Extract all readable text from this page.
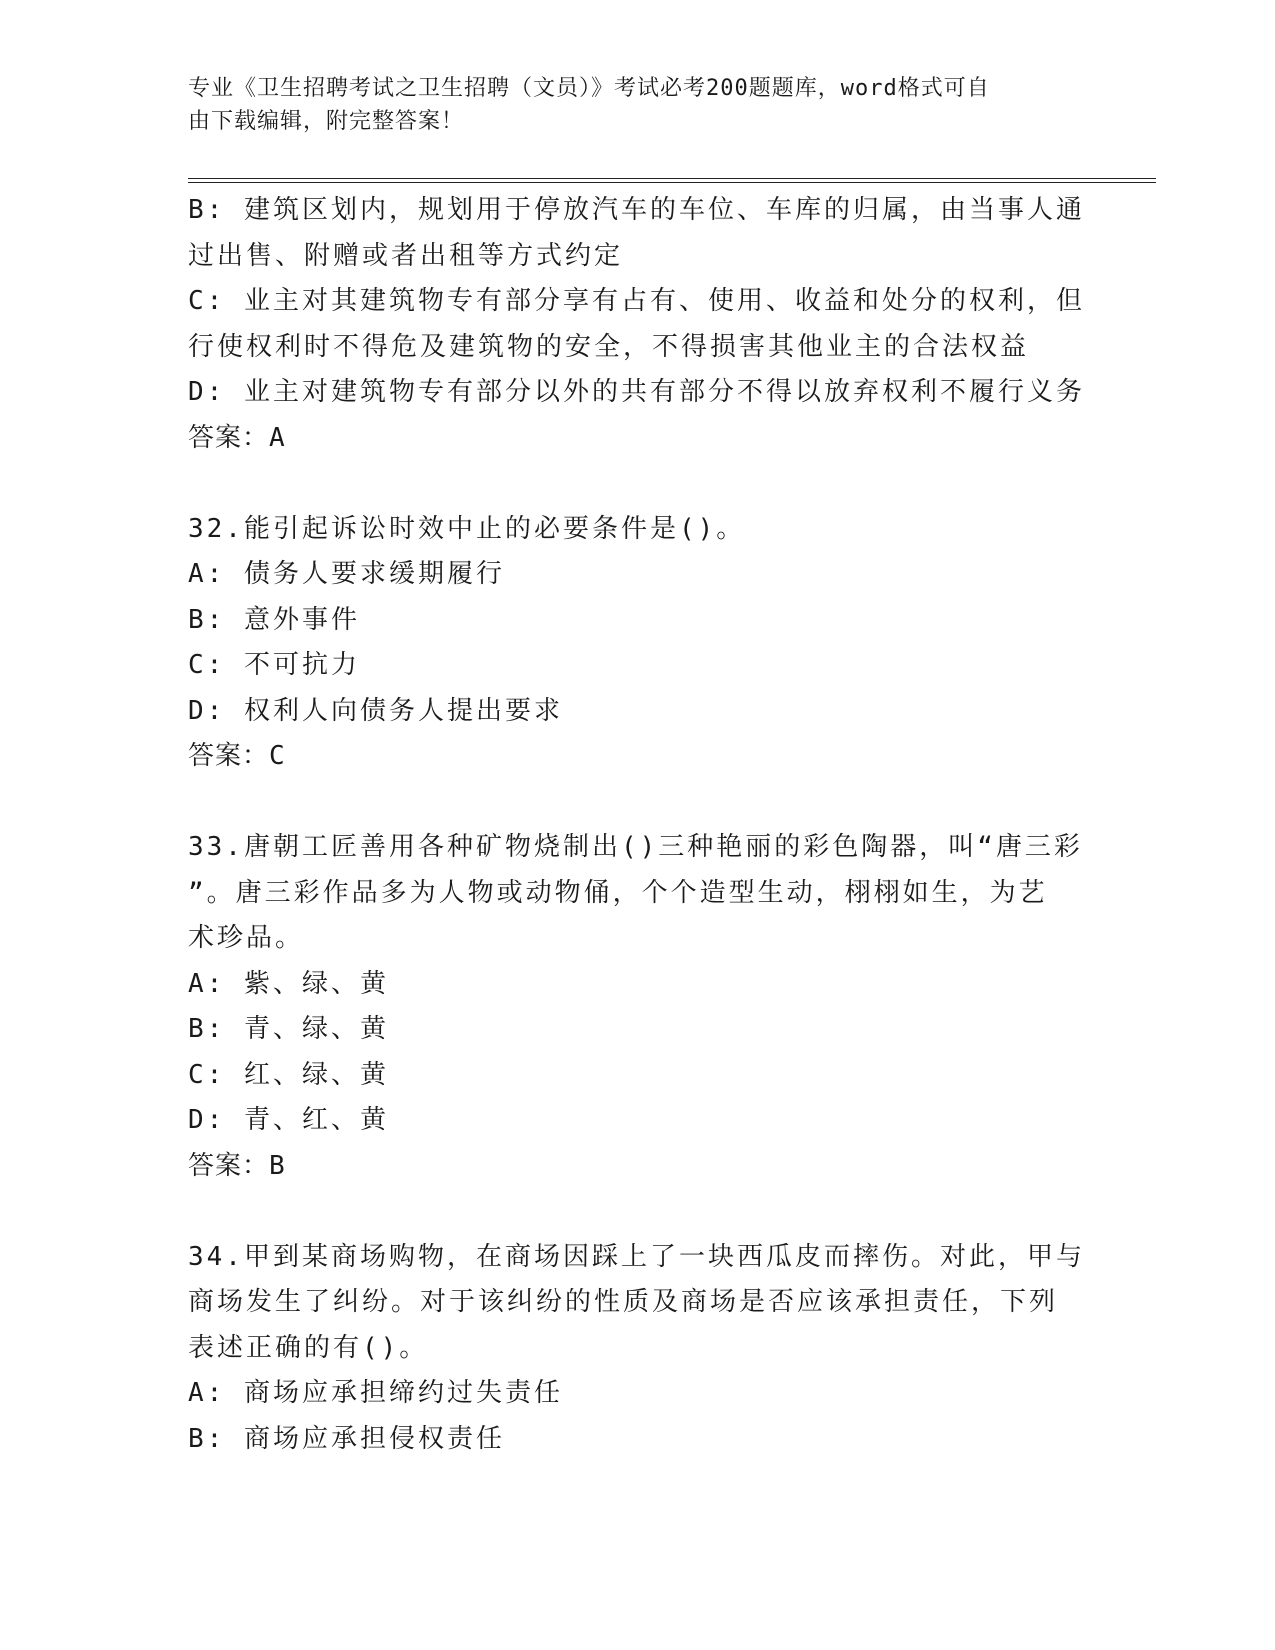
专业《卫生招聘考试之卫生招聘（文员）》考试必考200题题库，word格式可自
由下载编辑，附完整答案！
B: 建筑区划内，规划用于停放汽车的车位、车库的归属，由当事人通
过出售、附赠或者出租等方式约定
C: 业主对其建筑物专有部分享有占有、使用、收益和处分的权利，但
行使权利时不得危及建筑物的安全，不得损害其他业主的合法权益
D: 业主对建筑物专有部分以外的共有部分不得以放弃权利不履行义务
答案：A
32.能引起诉讼时效中止的必要条件是()。
A: 债务人要求缓期履行
B: 意外事件
C: 不可抗力
D: 权利人向债务人提出要求
答案：C
33.唐朝工匠善用各种矿物烧制出()三种艳丽的彩色陶器，叫“唐三彩
”。唐三彩作品多为人物或动物俑，个个造型生动，栩栩如生，为艺
术珍品。
A: 紫、绿、黄
B: 青、绿、黄
C: 红、绿、黄
D: 青、红、黄
答案：B
34.甲到某商场购物，在商场因踩上了一块西瓜皮而摔伤。对此，甲与
商场发生了纠纷。对于该纠纷的性质及商场是否应该承担责任，下列
表述正确的有()。
A: 商场应承担缔约过失责任
B: 商场应承担侵权责任
